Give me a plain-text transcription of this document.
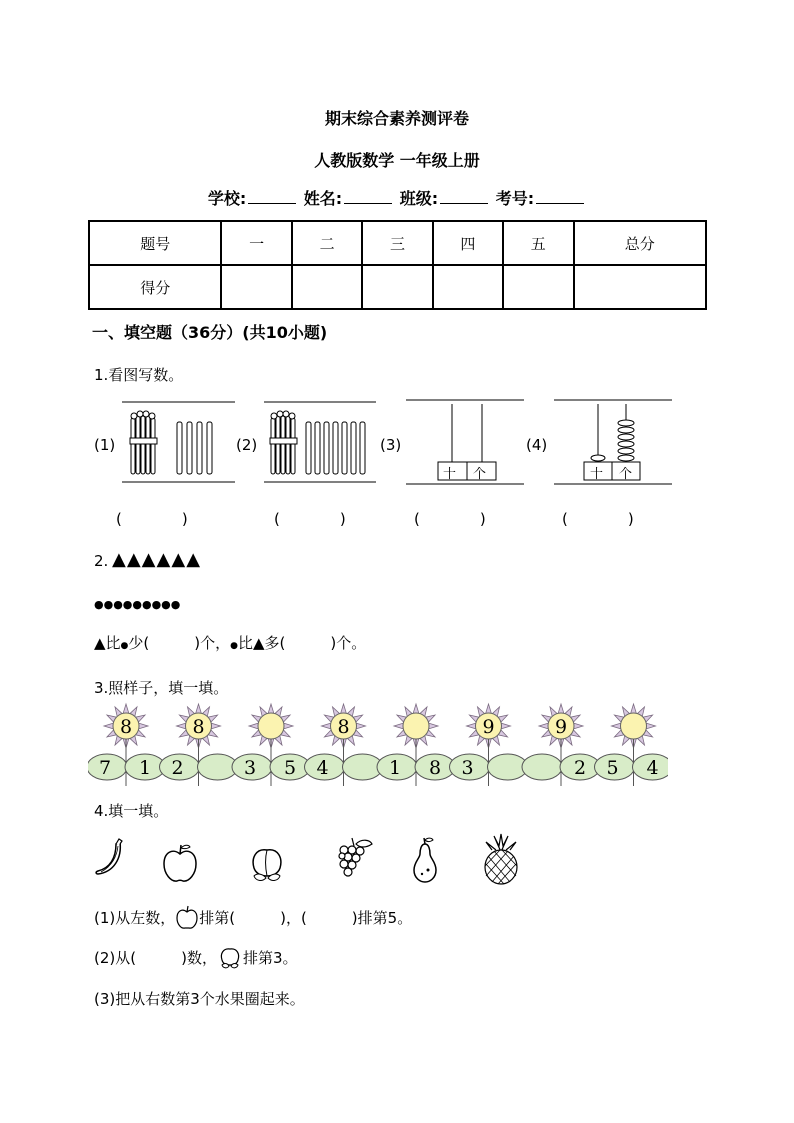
期末综合素养测评卷
人教版数学 一年级上册
学校:	姓名:	班级:	考号:
题号	一	二	三	四	五	总分
得分						
一、填空题（36分）(共10小题)
1.看图写数。
(1)	(2)	(3)	(4)
十 个	十 个
(　　　　)	(　　　　)	(　　　　)	(　　　　)
2. ▲▲▲▲▲▲
●●●●●●●●●
▲比●少(　　　)个，●比▲多(　　　)个。
3.照样子，填一填。
8
7 1
8
2	3 5
8
4	1 8
9
3
9
2 5 4
4.填一填。
(1)从左数， 排第(　　　)，(　　　)排第5。
(2)从(　　　)数， 排第3。
(3)把从右数第3个水果圈起来。
